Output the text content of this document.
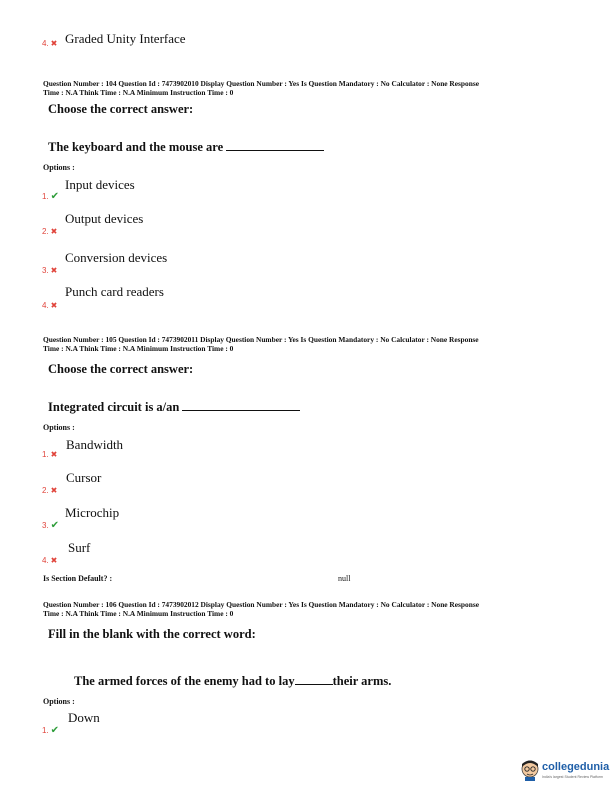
4. ✖ Graded Unity Interface
Question Number : 104 Question Id : 7473902010 Display Question Number : Yes Is Question Mandatory : No Calculator : None Response
Time : N.A Think Time : N.A Minimum Instruction Time : 0
Choose the correct answer:
The keyboard and the mouse are
Options :
1. ✔
Input devices
2. ✖
Output devices
3. ✖
Conversion devices
4. ✖
Punch card readers
Question Number : 105 Question Id : 7473902011 Display Question Number : Yes Is Question Mandatory : No Calculator : None Response
Time : N.A Think Time : N.A Minimum Instruction Time : 0
Choose the correct answer:
Integrated circuit is a/an
Options :
1. ✖
Bandwidth
2. ✖
Cursor
3. ✔
Microchip
4. ✖
Surf
Is Section Default? :	null
Question Number : 106 Question Id : 7473902012 Display Question Number : Yes Is Question Mandatory : No Calculator : None Response
Time : N.A Think Time : N.A Minimum Instruction Time : 0
Fill in the blank with the correct word:
The armed forces of the enemy had to lay	their arms.
Options :
1. ✔
Down
collegedunia
India's largest Student Review Platform
